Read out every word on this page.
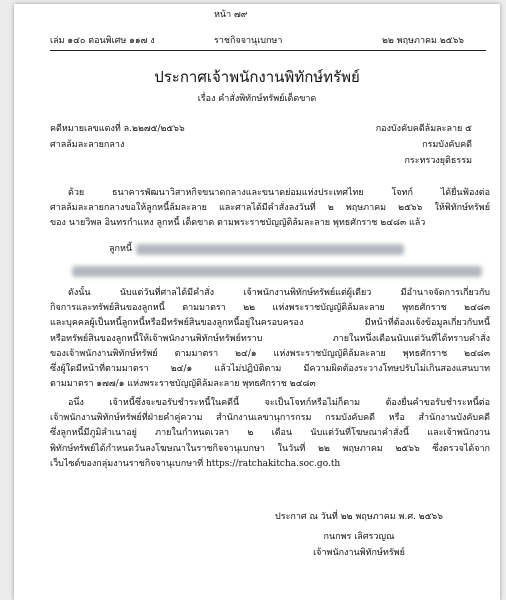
หน้า ๗๙
เล่ม ๑๔๐ ตอนพิเศษ ๑๑๗ ง	ราชกิจจานุเบกษา	๒๒ พฤษภาคม ๒๕๖๖
ประกาศเจ้าพนักงานพิทักษ์ทรัพย์
เรื่อง คำสั่งพิทักษ์ทรัพย์เด็ดขาด
คดีหมายเลขแดงที่ ล.๒๒๗๕/๒๕๖๖
ศาลล้มละลายกลาง
กองบังคับคดีล้มละลาย ๕
กรมบังคับคดี
กระทรวงยุติธรรม
ด้วย ธนาคารพัฒนาวิสาหกิจขนาดกลางและขนาดย่อมแห่งประเทศไทย โจทก์ ได้ยื่นฟ้องต่อ
ศาลล้มละลายกลางขอให้ลูกหนี้ล้มละลาย และศาลได้มีคำสั่งลงวันที่ ๒ พฤษภาคม ๒๕๖๖ ให้พิทักษ์ทรัพย์
ของ นายวิพล อินทรกำแหง ลูกหนี้ เด็ดขาด ตามพระราชบัญญัติล้มละลาย พุทธศักราช ๒๔๘๓ แล้ว
ลูกหนี้
ดังนั้น นับแต่วันที่ศาลได้มีคำสั่ง เจ้าพนักงานพิทักษ์ทรัพย์แต่ผู้เดียว มีอำนาจจัดการเกี่ยวกับ
กิจการและทรัพย์สินของลูกหนี้ ตามมาตรา ๒๒ แห่งพระราชบัญญัติล้มละลาย พุทธศักราช ๒๔๘๓
และบุคคลผู้เป็นหนี้ลูกหนี้หรือมีทรัพย์สินของลูกหนี้อยู่ในครอบครอง มีหน้าที่ต้องแจ้งข้อมูลเกี่ยวกับหนี้
หรือทรัพย์สินของลูกหนี้ให้เจ้าพนักงานพิทักษ์ทรัพย์ทราบ ภายในหนึ่งเดือนนับแต่วันที่ได้ทราบคำสั่ง
ของเจ้าพนักงานพิทักษ์ทรัพย์ ตามมาตรา ๒๔/๑ แห่งพระราชบัญญัติล้มละลาย พุทธศักราช ๒๔๘๓
ซึ่งผู้ใดมีหน้าที่ตามมาตรา ๒๔/๑ แล้วไม่ปฏิบัติตาม มีความผิดต้องระวางโทษปรับไม่เกินสองแสนบาท
ตามมาตรา ๑๗๗/๑ แห่งพระราชบัญญัติล้มละลาย พุทธศักราช ๒๔๘๓
อนึ่ง เจ้าหนี้ซึ่งจะขอรับชำระหนี้ในคดีนี้ จะเป็นโจทก์หรือไม่ก็ตาม ต้องยื่นคำขอรับชำระหนี้ต่อ
เจ้าพนักงานพิทักษ์ทรัพย์ที่ฝ่ายคำคู่ความ สำนักงานเลขานุการกรม กรมบังคับคดี หรือ สำนักงานบังคับคดี
ซึ่งลูกหนี้มีภูมิลำเนาอยู่ ภายในกำหนดเวลา ๒ เดือน นับแต่วันที่โฆษณาคำสั่งนี้ และเจ้าพนักงาน
พิทักษ์ทรัพย์ได้กำหนดวันลงโฆษณาในราชกิจจานุเบกษา ในวันที่ ๒๒ พฤษภาคม ๒๕๖๖ ซึ่งตรวจได้จาก
เว็บไซต์ของกลุ่มงานราชกิจจานุเบกษาที่ https://ratchakitcha.soc.go.th
ประกาศ ณ วันที่ ๒๒ พฤษภาคม พ.ศ. ๒๕๖๖
กนกพร เลิศรวญณ
เจ้าพนักงานพิทักษ์ทรัพย์
